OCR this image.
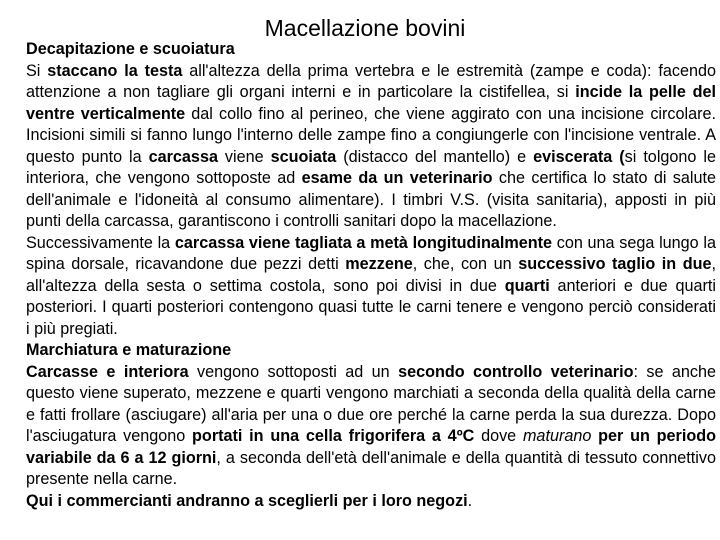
Macellazione bovini

Decapitazione e scuoiatura

Si staccano la testa all'altezza della prima vertebra e le estremità (zampe e coda): facendo attenzione a non tagliare gli organi interni e in particolare la cistifellea, si incide la pelle del ventre verticalmente dal collo fino al perineo, che viene aggirato con una incisione circolare. Incisioni simili si fanno lungo l'interno delle zampe fino a congiungerle con l'incisione ventrale. A questo punto la carcassa viene scuoiata (distacco del mantello) e eviscerata (si tolgono le interiora, che vengono sottoposte ad esame da un veterinario che certifica lo stato di salute dell'animale e l'idoneità al consumo alimentare). I timbri V.S. (visita sanitaria), apposti in più punti della carcassa, garantiscono i controlli sanitari dopo la macellazione.

Successivamente la carcassa viene tagliata a metà longitudinalmente con una sega lungo la spina dorsale, ricavandone due pezzi detti mezzene, che, con un successivo taglio in due, all'altezza della sesta o settima costola, sono poi divisi in due quarti anteriori e due quarti posteriori. I quarti posteriori contengono quasi tutte le carni tenere e vengono perciò considerati i più pregiati.

Marchiatura e maturazione

Carcasse e interiora vengono sottoposti ad un secondo controllo veterinario: se anche questo viene superato, mezzene e quarti vengono marchiati a seconda della qualità della carne e fatti frollare (asciugare) all'aria per una o due ore perché la carne perda la sua durezza. Dopo l'asciugatura vengono portati in una cella frigorifera a 4ºC dove maturano per un periodo variabile da 6 a 12 giorni, a seconda dell'età dell'animale e della quantità di tessuto connettivo presente nella carne.

Qui i commercianti andranno a sceglierli per i loro negozi.
